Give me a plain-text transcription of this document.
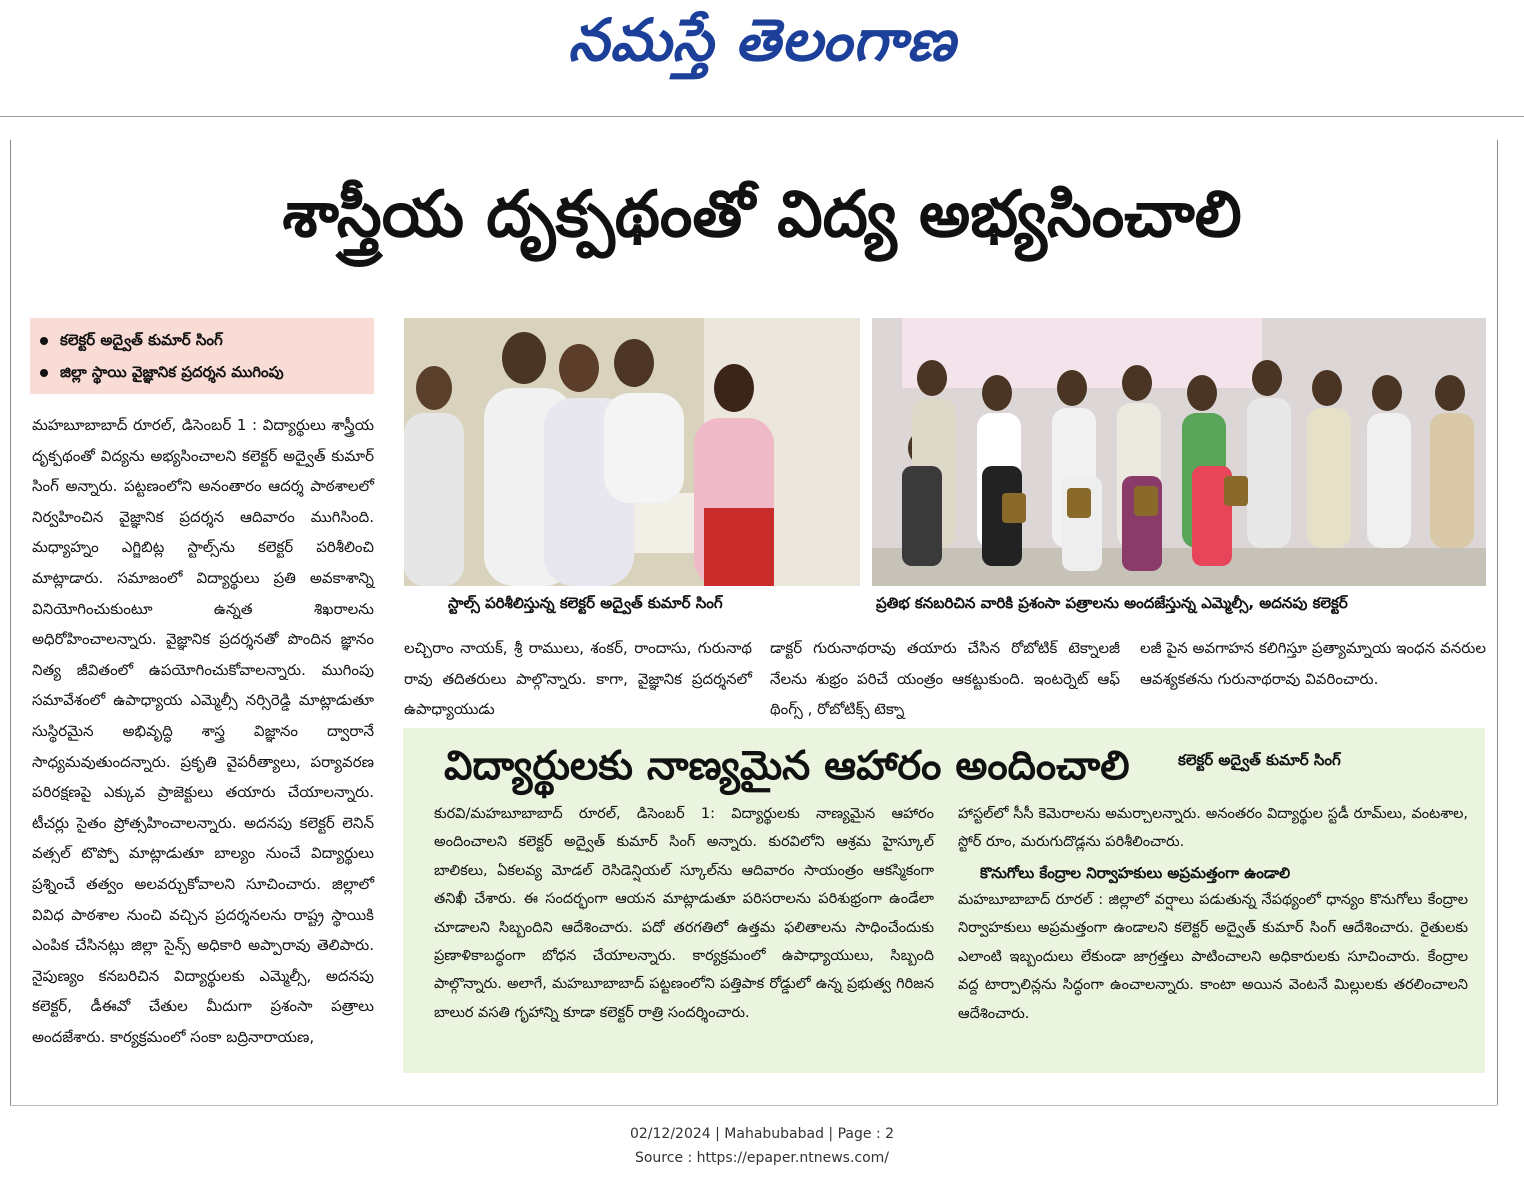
నమస్తే తెలంగాణ
శాస్త్రీయ దృక్పథంతో విద్య అభ్యసించాలి
కలెక్టర్ అద్వైత్ కుమార్ సింగ్
జిల్లా స్థాయి వైజ్ఞానిక ప్రదర్శన ముగింపు
మహబూబాబాద్ రూరల్, డిసెంబర్ 1 : విద్యార్థులు శాస్త్రీయ దృక్పథంతో విద్యను అభ్యసించాలని కలెక్టర్ అద్వైత్ కుమార్ సింగ్ అన్నారు. పట్టణంలోని అనంతారం ఆదర్శ పాఠశాలలో నిర్వహించిన వైజ్ఞానిక ప్రదర్శన ఆదివారం ముగిసింది. మధ్యాహ్నం ఎగ్జిబిట్ల స్టాల్స్‌ను కలెక్టర్ పరిశీలించి మాట్లాడారు. సమాజంలో విద్యార్థులు ప్రతి అవకాశాన్ని వినియోగించుకుంటూ ఉన్నత శిఖరాలను అధిరోహించాలన్నారు. వైజ్ఞానిక ప్రదర్శనతో పొందిన జ్ఞానం నిత్య జీవితంలో ఉపయోగించుకోవాలన్నారు. ముగింపు సమావేశంలో ఉపాధ్యాయ ఎమ్మెల్సీ నర్సిరెడ్డి మాట్లాడుతూ సుస్థిరమైన అభివృద్ధి శాస్త్ర విజ్ఞానం ద్వారానే సాధ్యమవుతుందన్నారు. ప్రకృతి వైపరీత్యాలు, పర్యావరణ పరిరక్షణపై ఎక్కువ ప్రాజెక్టులు తయారు చేయాలన్నారు. టీచర్లు సైతం ప్రోత్సహించాలన్నారు. అదనపు కలెక్టర్ లెనిన్ వత్సల్ టొప్పో మాట్లాడుతూ బాల్యం నుంచే విద్యార్థులు ప్రశ్నించే తత్వం అలవర్చుకోవాలని సూచించారు. జిల్లాలో వివిధ పాఠశాల నుంచి వచ్చిన ప్రదర్శనలను రాష్ట్ర స్థాయికి ఎంపిక చేసినట్లు జిల్లా సైన్స్ అధికారి అప్పారావు తెలిపారు. నైపుణ్యం కనబరిచిన విద్యార్థులకు ఎమ్మెల్సీ, అదనపు కలెక్టర్, డీఈవో చేతుల మీదుగా ప్రశంసా పత్రాలు అందజేశారు. కార్యక్రమంలో సంకా బద్రినారాయణ,
స్టాల్స్ పరిశీలిస్తున్న కలెక్టర్ అద్వైత్ కుమార్ సింగ్	ప్రతిభ కనబరిచిన వారికి ప్రశంసా పత్రాలను అందజేస్తున్న ఎమ్మెల్సీ, అదనపు కలెక్టర్
లచ్చిరాం నాయక్, శ్రీ రాములు, శంకర్, రాందాసు, గురునాథ రావు తదితరులు పాల్గొన్నారు. కాగా, వైజ్ఞానిక ప్రదర్శనలో ఉపాధ్యాయుడు
డాక్టర్ గురునాథరావు తయారు చేసిన రోబోటిక్ టెక్నాలజీ నేలను శుభ్రం పరిచే యంత్రం ఆకట్టుకుంది. ఇంటర్నెట్ ఆఫ్ థింగ్స్ , రోబోటిక్స్ టెక్నా
లజీ పైన అవగాహన కలిగిస్తూ ప్రత్యామ్నాయ ఇంధన వనరుల ఆవశ్యకతను గురునాథరావు వివరించారు.
విద్యార్థులకు నాణ్యమైన ఆహారం అందించాలి	కలెక్టర్ అద్వైత్ కుమార్ సింగ్
కురవి/మహబూబాబాద్ రూరల్, డిసెంబర్ 1: విద్యార్థులకు నాణ్యమైన ఆహారం అందించాలని కలెక్టర్ అద్వైత్ కుమార్ సింగ్ అన్నారు. కురవిలోని ఆశ్రమ హైస్కూల్ బాలికలు, ఏకలవ్య మోడల్ రెసిడెన్షియల్ స్కూల్‌ను ఆదివారం సాయంత్రం ఆకస్మికంగా తనిఖీ చేశారు. ఈ సందర్భంగా ఆయన మాట్లాడుతూ పరిసరాలను పరిశుభ్రంగా ఉండేలా చూడాలని సిబ్బందిని ఆదేశించారు. పదో తరగతిలో ఉత్తమ ఫలితాలను సాధించేందుకు ప్రణాళికాబద్ధంగా బోధన చేయాలన్నారు. కార్యక్రమంలో ఉపాధ్యాయులు, సిబ్బంది పాల్గొన్నారు. అలాగే, మహబూబాబాద్ పట్టణంలోని పత్తిపాక రోడ్డులో ఉన్న ప్రభుత్వ గిరిజన బాలుర వసతి గృహాన్ని కూడా కలెక్టర్ రాత్రి సందర్శించారు.
హాస్టల్‌లో సీసీ కెమెరాలను అమర్చాలన్నారు. అనంతరం విద్యార్థుల స్టడీ రూమ్‌లు, వంటశాల, స్టోర్ రూం, మరుగుదొడ్లను పరిశీలించారు.
కొనుగోలు కేంద్రాల నిర్వాహకులు అప్రమత్తంగా ఉండాలి
మహబూబాబాద్ రూరల్ : జిల్లాలో వర్షాలు పడుతున్న నేపథ్యంలో ధాన్యం కొనుగోలు కేంద్రాల నిర్వాహకులు అప్రమత్తంగా ఉండాలని కలెక్టర్ అద్వైత్ కుమార్ సింగ్ ఆదేశించారు. రైతులకు ఎలాంటి ఇబ్బందులు లేకుండా జాగ్రత్తలు పాటించాలని అధికారులకు సూచించారు. కేంద్రాల వద్ద టార్పాలిన్లను సిద్ధంగా ఉంచాలన్నారు. కాంటా అయిన వెంటనే మిల్లులకు తరలించాలని ఆదేశించారు.
02/12/2024 | Mahabubabad | Page : 2
Source : https://epaper.ntnews.com/
